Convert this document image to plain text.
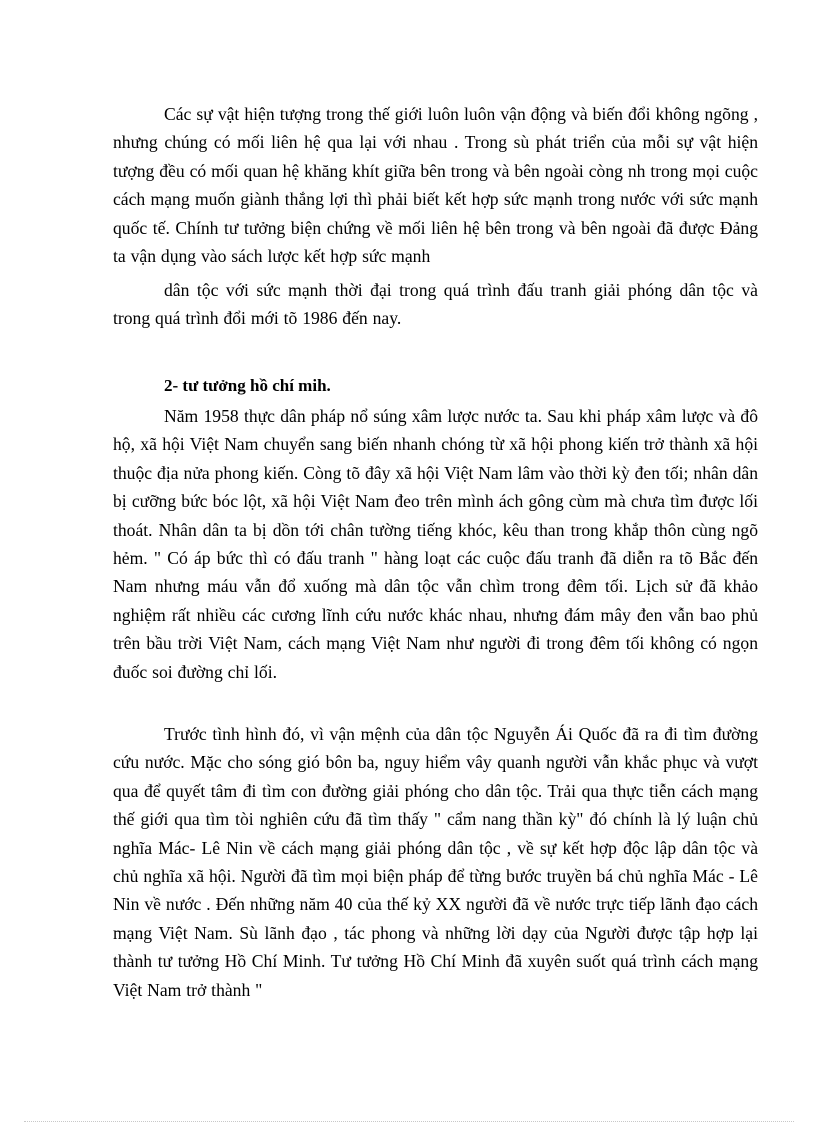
Các sự vật hiện tượng trong thế giới luôn luôn vận động và biến đổi không ngõng , nhưng chúng có mối liên hệ qua lại với nhau . Trong sù phát triển của mỗi sự vật hiện tượng đều có mối quan hệ khăng khít giữa bên trong và bên ngoài còng nh trong mọi cuộc cách mạng muốn giành thắng lợi thì phải biết kết hợp sức mạnh trong nước với sức mạnh quốc tế. Chính tư tưởng biện chứng về mối liên hệ bên trong và bên ngoài đã được Đảng ta vận dụng vào sách lược kết hợp sức mạnh

dân tộc với sức mạnh thời đại trong quá trình đấu tranh giải phóng dân tộc và trong quá trình đổi mới tõ 1986 đến nay.

2- tư tưởng hồ chí mih.

Năm 1958 thực dân pháp nổ súng xâm lược nước ta. Sau khi pháp xâm lược và đô hộ, xã hội Việt Nam chuyển sang biến nhanh chóng từ xã hội phong kiến trở thành xã hội thuộc địa nửa phong kiến. Còng tõ đây xã hội Việt Nam lâm vào thời kỳ đen tối; nhân dân bị cưỡng bức bóc lột, xã hội Việt Nam đeo trên mình ách gông cùm mà chưa tìm được lối thoát. Nhân dân ta bị dồn tới chân tường tiếng khóc, kêu than trong khắp thôn cùng ngõ hẻm. " Có áp bức thì có đấu tranh " hàng loạt các cuộc đấu tranh đã diễn ra tõ Bắc đến Nam nhưng máu vẫn đổ xuống mà dân tộc vẫn chìm trong đêm tối. Lịch sử đã khảo nghiệm rất nhiều các cương lĩnh cứu nước khác nhau, nhưng đám mây đen vẫn bao phủ trên bầu trời Việt Nam, cách mạng Việt Nam như người đi trong đêm tối không có ngọn đuốc soi đường chỉ lối.

Trước tình hình đó, vì vận mệnh của dân tộc Nguyễn Ái Quốc đã ra đi tìm đường cứu nước. Mặc cho sóng gió bôn ba, nguy hiểm vây quanh người vẫn khắc phục và vượt qua để quyết tâm đi tìm con đường giải phóng cho dân tộc. Trải qua thực tiễn cách mạng thế giới qua tìm tòi nghiên cứu đã tìm thấy " cẩm nang thần kỳ" đó chính là lý luận chủ nghĩa Mác- Lê Nin về cách mạng giải phóng dân tộc , về sự kết hợp độc lập dân tộc và chủ nghĩa xã hội. Người đã tìm mọi biện pháp để từng bước truyền bá chủ nghĩa Mác - Lê Nin về nước . Đến những năm 40 của thế kỷ XX người đã về nước trực tiếp lãnh đạo cách mạng Việt Nam. Sù lãnh đạo , tác phong và những lời dạy của Người được tập hợp lại thành tư tưởng Hồ Chí Minh. Tư tưởng Hồ Chí Minh đã xuyên suốt quá trình cách mạng Việt Nam trở thành "
